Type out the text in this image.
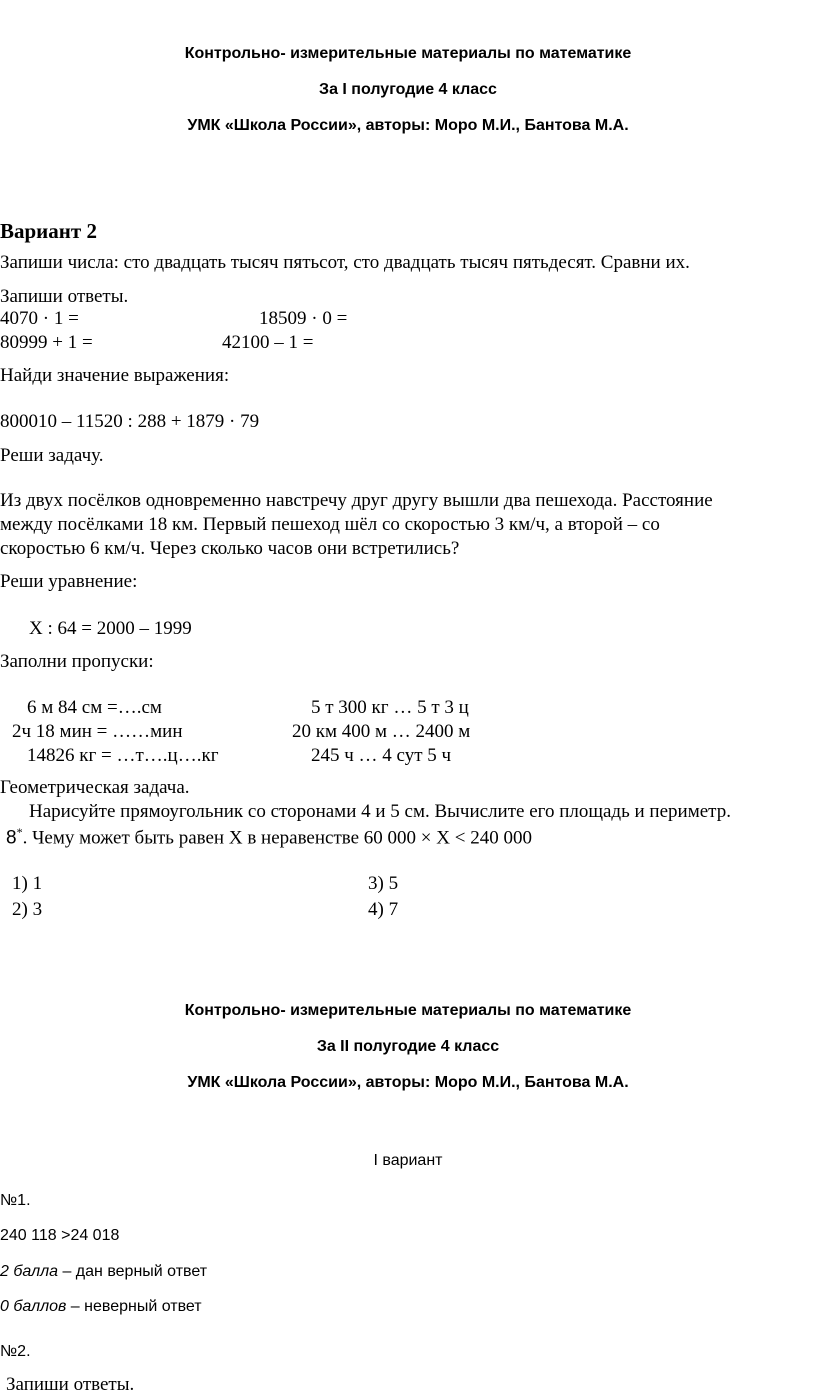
Контрольно- измерительные материалы по математике
За I полугодие 4 класс
УМК «Школа России», авторы: Моро М.И., Бантова М.А.
Вариант 2
Запиши числа: сто двадцать тысяч пятьсот, сто двадцать тысяч пятьдесят. Сравни их.
Запиши ответы.
4070 · 1 =	18509 · 0 =
80999 + 1 =	42100 – 1 =
Найди значение выражения:
800010 – 11520 : 288 + 1879 · 79
Реши задачу.
Из двух посёлков одновременно навстречу друг другу вышли два пешехода. Расстояние
между посёлками 18 км. Первый пешеход шёл со скоростью 3 км/ч, а второй – со
скоростью 6 км/ч. Через сколько часов они встретились?
Реши уравнение:
Х : 64 = 2000 – 1999
Заполни пропуски:
6 м 84 см =….см	5 т 300 кг … 5 т 3 ц
2ч 18 мин = ……мин	20 км 400 м … 2400 м
14826 кг = …т….ц….кг	245 ч … 4 сут 5 ч
Геометрическая задача.
Нарисуйте прямоугольник со сторонами 4 и 5 см. Вычислите его площадь и периметр.
8*. Чему может быть равен Х в неравенстве 60 000 × Х < 240 000
1) 1
2) 3
3) 5
4) 7
Контрольно- измерительные материалы по математике
За II полугодие 4 класс
УМК «Школа России», авторы: Моро М.И., Бантова М.А.
I вариант
№1.
240 118 >24 018
2 балла – дан верный ответ
0 баллов – неверный ответ
№2.
Запиши ответы.
